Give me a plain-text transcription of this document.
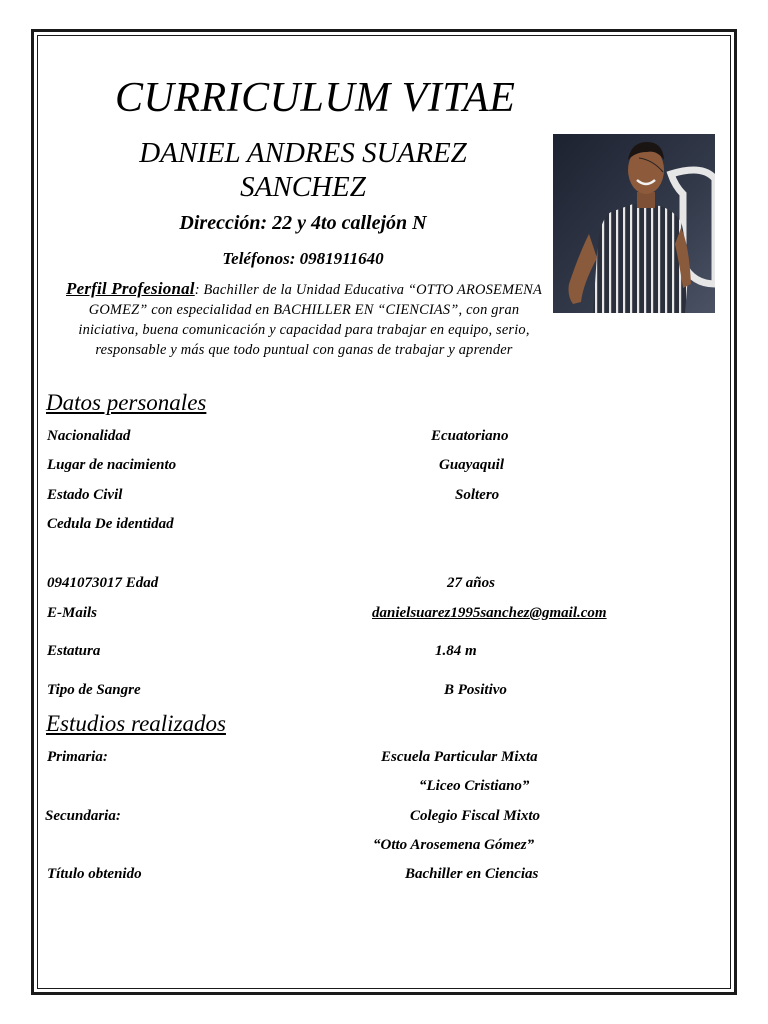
CURRICULUM VITAE
DANIEL ANDRES SUAREZ
SANCHEZ
Dirección: 22 y 4to callejón N
Teléfonos: 0981911640
Perfil Profesional: Bachiller de la Unidad Educativa “OTTO AROSEMENA GOMEZ” con especialidad en BACHILLER EN “CIENCIAS”, con gran iniciativa, buena comunicación y capacidad para trabajar en equipo, serio, responsable y más que todo puntual con ganas de trabajar y aprender
Datos personales
Nacionalidad	Ecuatoriano
Lugar de nacimiento	Guayaquil
Estado Civil	Soltero
Cedula De identidad
0941073017 Edad	27 años
E-Mails	danielsuarez1995sanchez@gmail.com
Estatura	1.84 m
Tipo de Sangre	B Positivo
Estudios realizados
Primaria:	Escuela Particular Mixta
“Liceo Cristiano”
Secundaria:	Colegio Fiscal Mixto
“Otto Arosemena Gómez”
Título obtenido	Bachiller en Ciencias
